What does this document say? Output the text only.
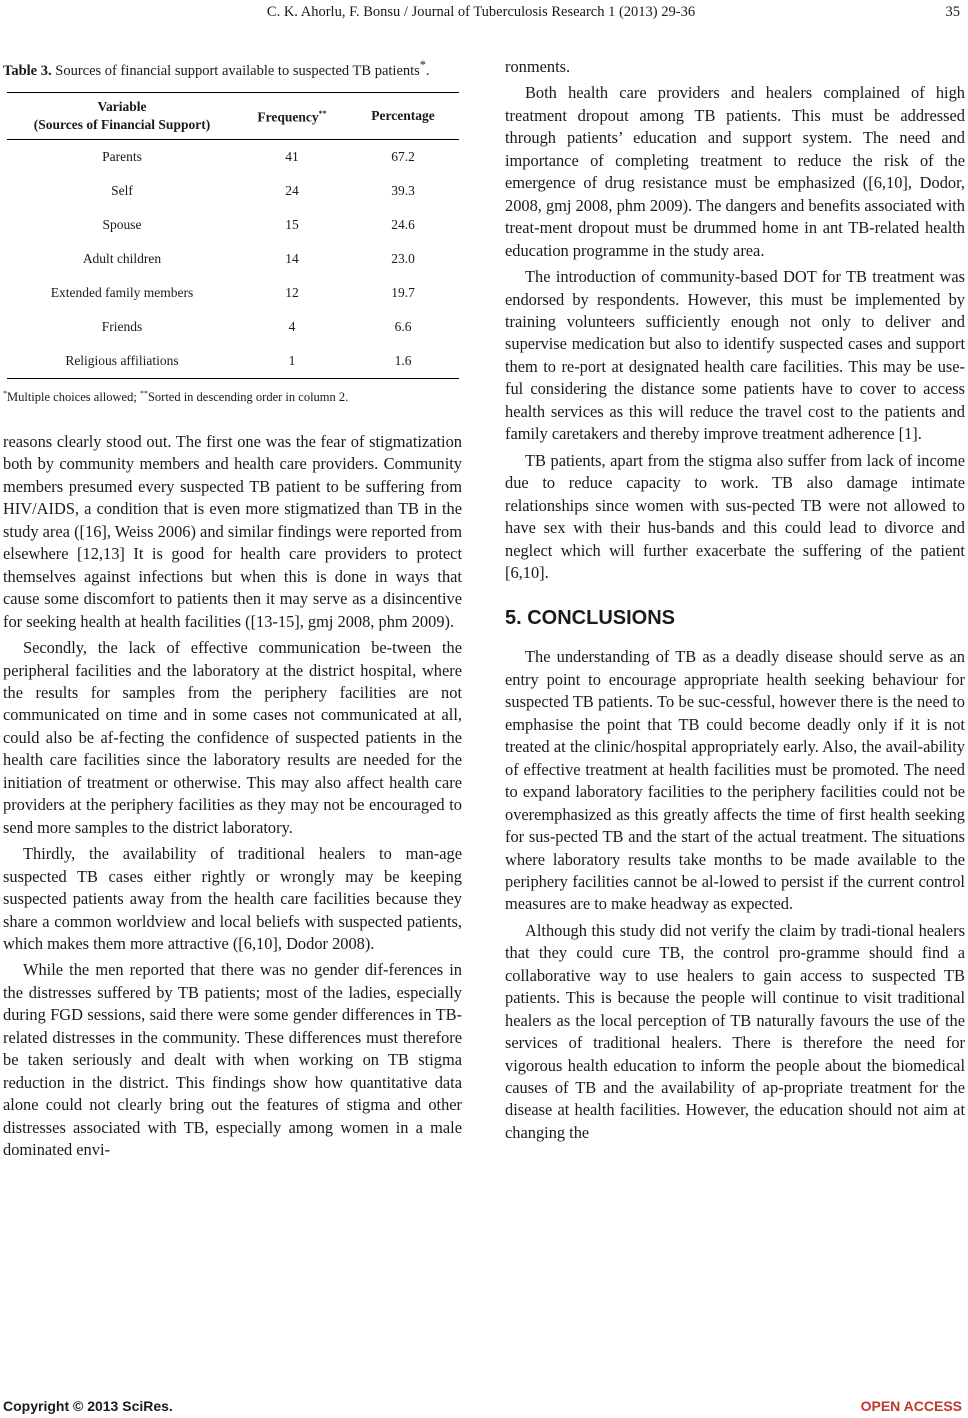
C. K. Ahorlu, F. Bonsu / Journal of Tuberculosis Research 1 (2013) 29-36	35

Table 3. Sources of financial support available to suspected TB patients*.

Variable
(Sources of Financial Support)	Frequency**	Percentage
Parents	41	67.2
Self	24	39.3
Spouse	15	24.6
Adult children	14	23.0
Extended family members	12	19.7
Friends	4	6.6
Religious affiliations	1	1.6

*Multiple choices allowed; **Sorted in descending order in column 2.

reasons clearly stood out. The first one was the fear of stigmatization both by community members and health care providers. Community members presumed every suspected TB patient to be suffering from HIV/AIDS, a condition that is even more stigmatized than TB in the study area ([16], Weiss 2006) and similar findings were reported from elsewhere [12,13] It is good for health care providers to protect themselves against infections but when this is done in ways that cause some discomfort to patients then it may serve as a disincentive for seeking health at health facilities ([13-15], gmj 2008, phm 2009).

Secondly, the lack of effective communication be-tween the peripheral facilities and the laboratory at the district hospital, where the results for samples from the periphery facilities are not communicated on time and in some cases not communicated at all, could also be af-fecting the confidence of suspected patients in the health care facilities since the laboratory results are needed for the initiation of treatment or otherwise. This may also affect health care providers at the periphery facilities as they may not be encouraged to send more samples to the district laboratory.

Thirdly, the availability of traditional healers to man-age suspected TB cases either rightly or wrongly may be keeping suspected patients away from the health care facilities because they share a common worldview and local beliefs with suspected patients, which makes them more attractive ([6,10], Dodor 2008).

While the men reported that there was no gender dif-ferences in the distresses suffered by TB patients; most of the ladies, especially during FGD sessions, said there were some gender differences in TB-related distresses in the community. These differences must therefore be taken seriously and dealt with when working on TB stigma reduction in the district. This findings show how quantitative data alone could not clearly bring out the features of stigma and other distresses associated with TB, especially among women in a male dominated envi-

ronments.

Both health care providers and healers complained of high treatment dropout among TB patients. This must be addressed through patients’ education and support system. The need and importance of completing treatment to reduce the risk of the emergence of drug resistance must be emphasized ([6,10], Dodor, 2008, gmj 2008, phm 2009). The dangers and benefits associated with treat-ment dropout must be drummed home in ant TB-related health education programme in the study area.

The introduction of community-based DOT for TB treatment was endorsed by respondents. However, this must be implemented by training volunteers sufficiently enough not only to deliver and supervise medication but also to identify suspected cases and support them to re-port at designated health care facilities. This may be use-ful considering the distance some patients have to cover to access health services as this will reduce the travel cost to the patients and family caretakers and thereby improve treatment adherence [1].

TB patients, apart from the stigma also suffer from lack of income due to reduce capacity to work. TB also damage intimate relationships since women with sus-pected TB were not allowed to have sex with their hus-bands and this could lead to divorce and neglect which will further exacerbate the suffering of the patient [6,10].

5. CONCLUSIONS

The understanding of TB as a deadly disease should serve as an entry point to encourage appropriate health seeking behaviour for suspected TB patients. To be suc-cessful, however there is the need to emphasise the point that TB could become deadly only if it is not treated at the clinic/hospital appropriately early. Also, the avail-ability of effective treatment at health facilities must be promoted. The need to expand laboratory facilities to the periphery facilities could not be overemphasized as this greatly affects the time of first health seeking for sus-pected TB and the start of the actual treatment. The situations where laboratory results take months to be made available to the periphery facilities cannot be al-lowed to persist if the current control measures are to make headway as expected.

Although this study did not verify the claim by tradi-tional healers that they could cure TB, the control pro-gramme should find a collaborative way to use healers to gain access to suspected TB patients. This is because the people will continue to visit traditional healers as the local perception of TB naturally favours the use of the services of traditional healers. There is therefore the need for vigorous health education to inform the people about the biomedical causes of TB and the availability of ap-propriate treatment for the disease at health facilities. However, the education should not aim at changing the

Copyright © 2013 SciRes.	OPEN ACCESS
